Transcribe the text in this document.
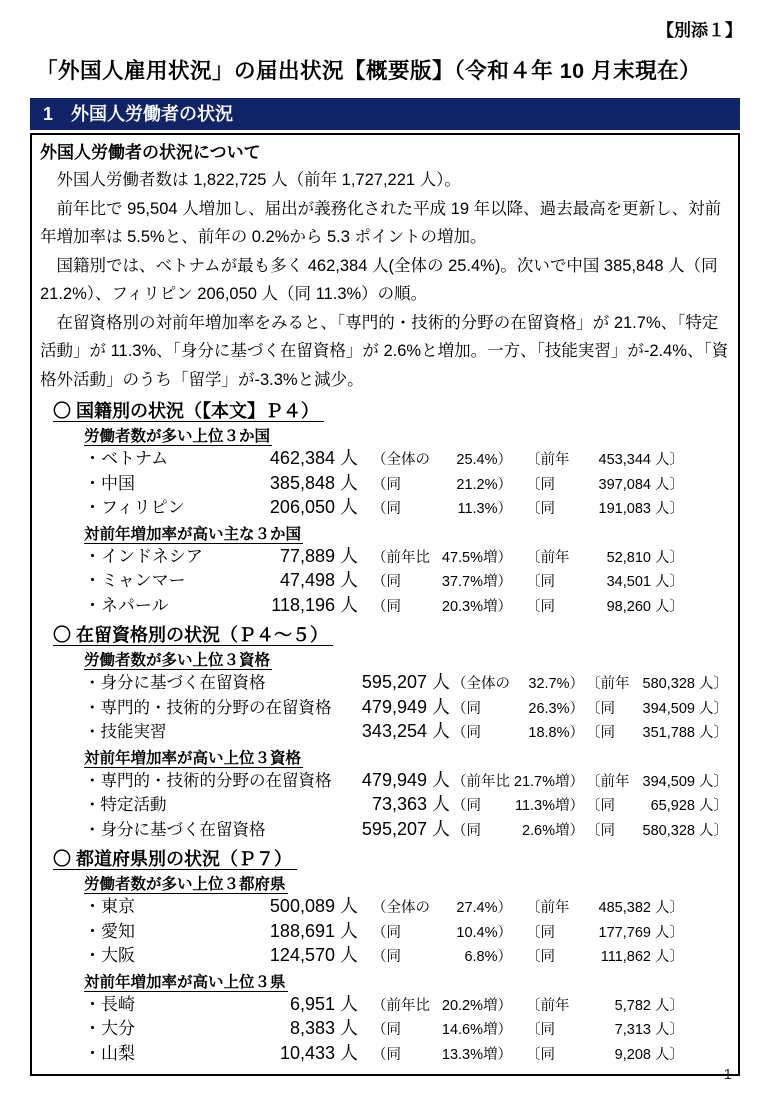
【別添１】
「外国人雇用状況」の届出状況【概要版】（令和４年 10 月末現在）
1　外国人労働者の状況
外国人労働者の状況について

外国人労働者数は 1,822,725 人（前年 1,727,221 人）。

前年比で 95,504 人増加し、届出が義務化された平成 19 年以降、過去最高を更新し、対前年増加率は 5.5%と、前年の 0.2%から 5.3 ポイントの増加。

国籍別では、ベトナムが最も多く 462,384 人(全体の 25.4%)。次いで中国 385,848 人（同 21.2%）、フィリピン 206,050 人（同 11.3%）の順。

在留資格別の対前年増加率をみると、「専門的・技術的分野の在留資格」が 21.7%、「特定活動」が 11.3%、「身分に基づく在留資格」が 2.6%と増加。一方、「技能実習」が-2.4%、「資格外活動」のうち「留学」が-3.3%と減少。

〇 国籍別の状況（【本文】Ｐ４）
労働者数が多い上位３か国
・ベトナム	462,384 人 （全体の 25.4%） 〔前年 453,344 人〕
・中国	385,848 人 （同	21.2%） 〔同	397,084 人〕
・フィリピン	206,050 人 （同	11.3%） 〔同	191,083 人〕
対前年増加率が高い主な３か国
・インドネシア	77,889 人 （前年比 47.5%増） 〔前年	52,810 人〕
・ミャンマー	47,498 人 （同	37.7%増） 〔同	34,501 人〕
・ネパール	118,196 人 （同	20.3%増） 〔同	98,260 人〕
〇 在留資格別の状況（Ｐ４～５）
労働者数が多い上位３資格
・身分に基づく在留資格	595,207 人 （全体の 32.7%） 〔前年 580,328 人〕
・専門的・技術的分野の在留資格	479,949 人 （同	26.3%） 〔同 394,509 人〕
・技能実習	343,254 人 （同	18.8%） 〔同 351,788 人〕
対前年増加率が高い上位３資格
・専門的・技術的分野の在留資格	479,949 人 （前年比 21.7%増） 〔前年 394,509 人〕
・特定活動	73,363 人 （同 11.3%増） 〔同 65,928 人〕
・身分に基づく在留資格	595,207 人 （同	2.6%増） 〔同 580,328 人〕
〇 都道府県別の状況（Ｐ７）
労働者数が多い上位３都府県
・東京	500,089 人 （全体の 27.4%） 〔前年 485,382 人〕
・愛知	188,691 人 （同	10.4%） 〔同	177,769 人〕
・大阪	124,570 人 （同	6.8%） 〔同	111,862 人〕
対前年増加率が高い上位３県
・長崎	6,951 人 （前年比 20.2%増） 〔前年	5,782 人〕
・大分	8,383 人 （同	14.6%増） 〔同	7,313 人〕
・山梨	10,433 人 （同	13.3%増） 〔同	9,208 人〕
1
